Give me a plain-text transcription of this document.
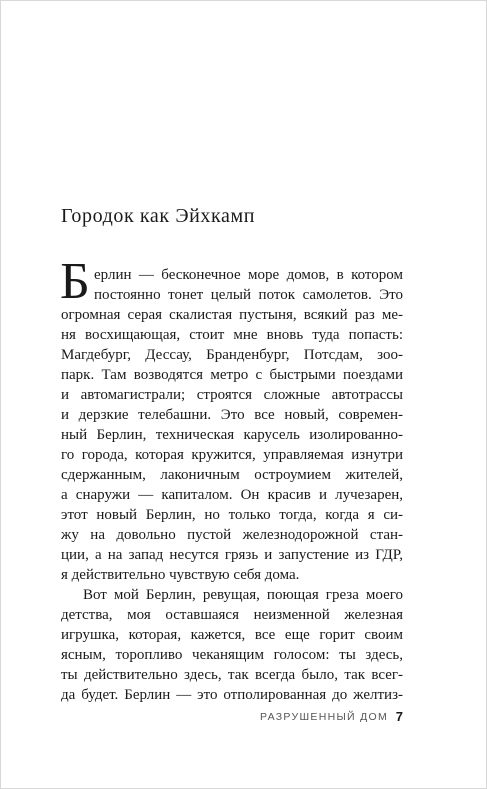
Городок как Эйхкамп
Б ерлин — бесконечное море домов, в котором
постоянно тонет целый поток самолетов. Это
огромная серая скалистая пустыня, всякий раз ме-
ня восхищающая, стоит мне вновь туда попасть:
Магдебург, Дессау, Бранденбург, Потсдам, зоо-
парк. Там возводятся метро с быстрыми поездами
и автомагистрали; строятся сложные автотрассы
и дерзкие телебашни. Это все новый, современ-
ный Берлин, техническая карусель изолированно-
го города, которая кружится, управляемая изнутри
сдержанным, лаконичным остроумием жителей,
а снаружи — капиталом. Он красив и лучезарен,
этот новый Берлин, но только тогда, когда я си-
жу на довольно пустой железнодорожной стан-
ции, а на запад несутся грязь и запустение из ГДР,
я действительно чувствую себя дома.
Вот мой Берлин, ревущая, поющая греза моего
детства, моя оставшаяся неизменной железная
игрушка, которая, кажется, все еще горит своим
ясным, торопливо чеканящим голосом: ты здесь,
ты действительно здесь, так всегда было, так всег-
да будет. Берлин — это отполированная до желтиз-
РАЗРУШЕННЫЙ ДОМ 7
